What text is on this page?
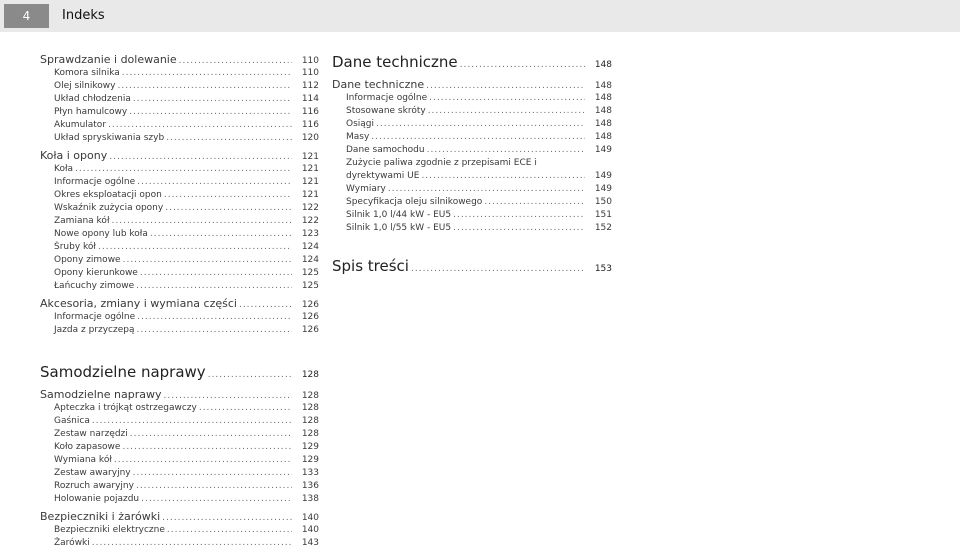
4	Indeks
Sprawdzanie i dolewanie .....	110
Komora silnika .....	110
Olej silnikowy .....	112
Układ chłodzenia .....	114
Płyn hamulcowy .....	116
Akumulator .....	116
Układ spryskiwania szyb .....	120
Koła i opony .....	121
Koła .....	121
Informacje ogólne .....	121
Okres eksploatacji opon .....	121
Wskaźnik zużycia opony .....	122
Zamiana kół .....	122
Nowe opony lub koła .....	123
Śruby kół .....	124
Opony zimowe .....	124
Opony kierunkowe .....	125
Łańcuchy zimowe .....	125
Akcesoria, zmiany i wymiana części .....	126
Informacje ogólne .....	126
Jazda z przyczepą .....	126
Samodzielne naprawy .....	128
Samodzielne naprawy .....	128
Apteczka i trójkąt ostrzegawczy .....	128
Gaśnica .....	128
Zestaw narzędzi .....	128
Koło zapasowe .....	129
Wymiana kół .....	129
Zestaw awaryjny .....	133
Rozruch awaryjny .....	136
Holowanie pojazdu .....	138
Bezpieczniki i żarówki .....	140
Bezpieczniki elektryczne .....	140
Żarówki .....	143
Dane techniczne .....	148
Dane techniczne .....	148
Informacje ogólne .....	148
Stosowane skróty .....	148
Osiągi .....	148
Masy .....	148
Dane samochodu .....	149
Zużycie paliwa zgodnie z przepisami ECE i
dyrektywami UE .....	149
Wymiary .....	149
Specyfikacja oleju silnikowego .....	150
Silnik 1,0 l/44 kW - EU5 .....	151
Silnik 1,0 l/55 kW - EU5 .....	152
Spis treści .....	153
